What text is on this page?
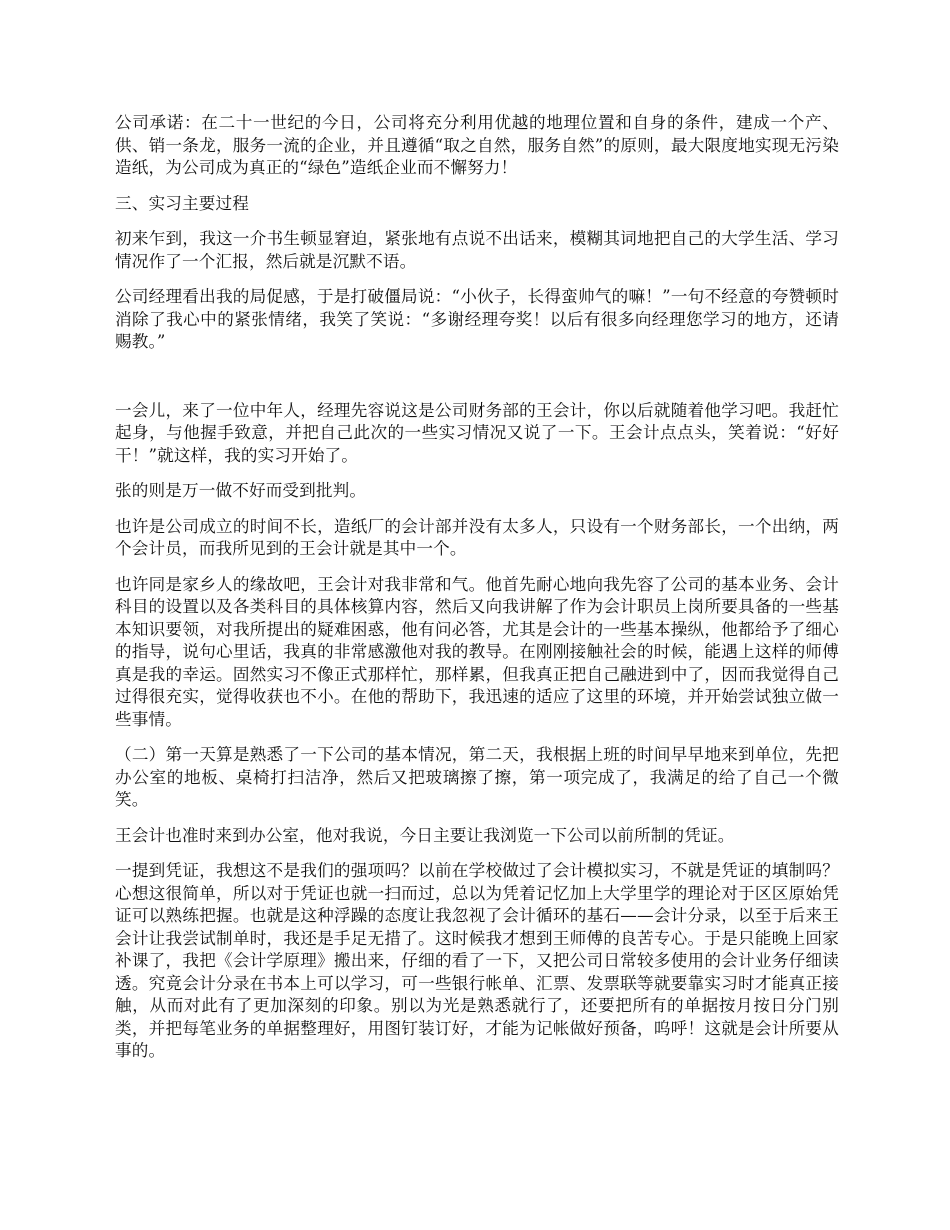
公司承诺：在二十一世纪的今日，公司将充分利用优越的地理位置和自身的条件，建成一个产、供、销一条龙，服务一流的企业，并且遵循“取之自然，服务自然”的原则，最大限度地实现无污染造纸，为公司成为真正的“绿色”造纸企业而不懈努力！

三、实习主要过程

初来乍到，我这一介书生顿显窘迫，紧张地有点说不出话来，模糊其词地把自己的大学生活、学习情况作了一个汇报，然后就是沉默不语。

公司经理看出我的局促感，于是打破僵局说：“小伙子，长得蛮帅气的嘛！”一句不经意的夸赞顿时消除了我心中的紧张情绪，我笑了笑说：“多谢经理夸奖！以后有很多向经理您学习的地方，还请赐教。”

一会儿，来了一位中年人，经理先容说这是公司财务部的王会计，你以后就随着他学习吧。我赶忙起身，与他握手致意，并把自己此次的一些实习情况又说了一下。王会计点点头，笑着说：“好好干！”就这样，我的实习开始了。

张的则是万一做不好而受到批判。

也许是公司成立的时间不长，造纸厂的会计部并没有太多人，只设有一个财务部长，一个出纳，两个会计员，而我所见到的王会计就是其中一个。

也许同是家乡人的缘故吧，王会计对我非常和气。他首先耐心地向我先容了公司的基本业务、会计科目的设置以及各类科目的具体核算内容，然后又向我讲解了作为会计职员上岗所要具备的一些基本知识要领，对我所提出的疑难困惑，他有问必答，尤其是会计的一些基本操纵，他都给予了细心的指导，说句心里话，我真的非常感激他对我的教导。在刚刚接触社会的时候，能遇上这样的师傅真是我的幸运。固然实习不像正式那样忙，那样累，但我真正把自己融进到中了，因而我觉得自己过得很充实，觉得收获也不小。在他的帮助下，我迅速的适应了这里的环境，并开始尝试独立做一些事情。

（二）第一天算是熟悉了一下公司的基本情况，第二天，我根据上班的时间早早地来到单位，先把办公室的地板、桌椅打扫洁净，然后又把玻璃擦了擦，第一项完成了，我满足的给了自己一个微笑。

王会计也准时来到办公室，他对我说，今日主要让我浏览一下公司以前所制的凭证。

一提到凭证，我想这不是我们的强项吗？以前在学校做过了会计模拟实习，不就是凭证的填制吗？心想这很简单，所以对于凭证也就一扫而过，总以为凭着记忆加上大学里学的理论对于区区原始凭证可以熟练把握。也就是这种浮躁的态度让我忽视了会计循环的基石——会计分录，以至于后来王会计让我尝试制单时，我还是手足无措了。这时候我才想到王师傅的良苦专心。于是只能晚上回家补课了，我把《会计学原理》搬出来，仔细的看了一下，又把公司日常较多使用的会计业务仔细读透。究竟会计分录在书本上可以学习，可一些银行帐单、汇票、发票联等就要靠实习时才能真正接触，从而对此有了更加深刻的印象。别以为光是熟悉就行了，还要把所有的单据按月按日分门别类，并把每笔业务的单据整理好，用图钉装订好，才能为记帐做好预备，呜呼！这就是会计所要从事的。
